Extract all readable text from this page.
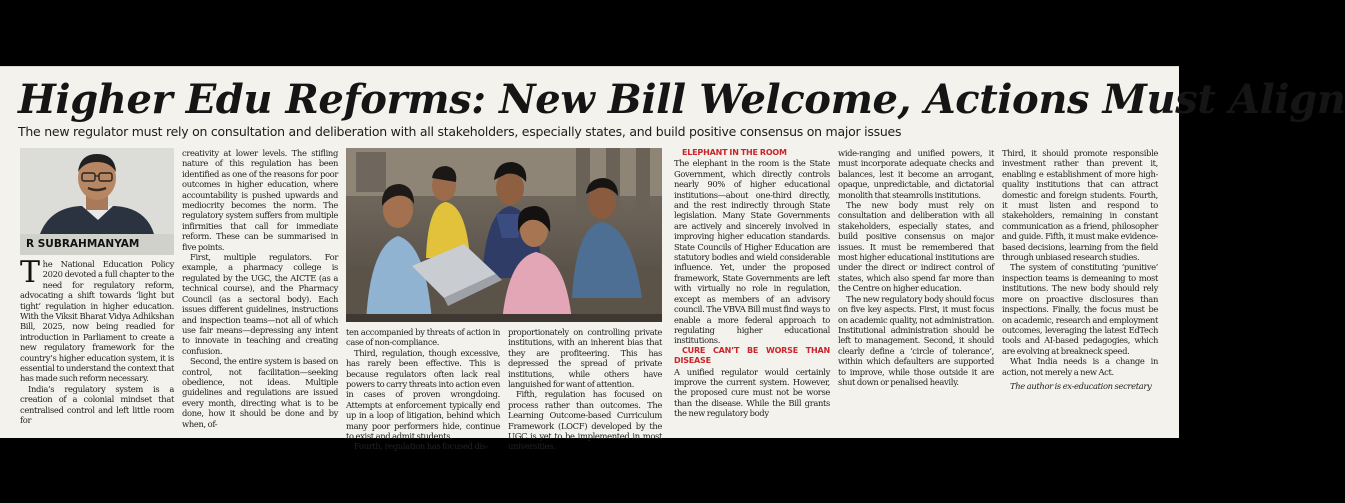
Higher Edu Reforms: New Bill Welcome, Actions Must Align

The new regulator must rely on consultation and deliberation with all stakeholders, especially states, and build positive consensus on major issues

R SUBRAHMANYAM

The National Education Policy 2020 devoted a full chapter to the need for regulatory reform, advocating a shift towards ‘light but tight’ regulation in higher education. With the Viksit Bharat Vidya Adhikshan Bill, 2025, now being readied for introduction in Parliament to create a new regulatory framework for the country’s higher education system, it is essential to understand the context that has made such reform necessary.

India’s regulatory system is a creation of a colonial mindset that centralised control and left little room for

creativity at lower levels. The stifling nature of this regulation has been identified as one of the reasons for poor outcomes in higher education, where accountability is pushed upwards and mediocrity becomes the norm. The regulatory system suffers from multiple infirmities that call for immediate reform. These can be summarised in five points.

First, multiple regulators. For example, a pharmacy college is regulated by the UGC, the AICTE (as a technical course), and the Pharmacy Council (as a sectoral body). Each issues different guidelines, instructions and inspection teams—not all of which use fair means—depressing any intent to innovate in teaching and creating confusion.

Second, the entire system is based on control, not facilitation—seeking obedience, not ideas. Multiple guidelines and regulations are issued every month, directing what is to be done, how it should be done and by when, of-

ten accompanied by threats of action in case of non-compliance.

Third, regulation, though excessive, has rarely been effective. This is because regulators often lack real powers to carry threats into action even in cases of proven wrongdoing. Attempts at enforcement typically end up in a loop of litigation, behind which many poor performers hide, continue to exist and admit students.

Fourth, regulation has focused dis-

proportionately on controlling private institutions, with an inherent bias that they are profiteering. This has depressed the spread of private institutions, while others have languished for want of attention.

Fifth, regulation has focused on process rather than outcomes. The Learning Outcome-based Curriculum Framework (LOCF) developed by the UGC is yet to be implemented in most universities.

ELEPHANT IN THE ROOM

The elephant in the room is the State Government, which directly controls nearly 90% of higher educational institutions—about one-third directly, and the rest indirectly through State legislation. Many State Governments are actively and sincerely involved in improving higher education standards. State Councils of Higher Education are statutory bodies and wield considerable influence. Yet, under the proposed framework, State Governments are left with virtually no role in regulation, except as members of an advisory council. The VBVA Bill must find ways to enable a more federal approach to regulating higher educational institutions.

CURE CAN’T BE WORSE THAN DISEASE

A unified regulator would certainly improve the current system. However, the proposed cure must not be worse than the disease. While the Bill grants the new regulatory body

wide-ranging and unified powers, it must incorporate adequate checks and balances, lest it become an arrogant, opaque, unpredictable, and dictatorial monolith that steamrolls institutions.

The new body must rely on consultation and deliberation with all stakeholders, especially states, and build positive consensus on major issues. It must be remembered that most higher educational institutions are under the direct or indirect control of states, which also spend far more than the Centre on higher education.

The new regulatory body should focus on five key aspects. First, it must focus on academic quality, not administration. Institutional administration should be left to management. Second, it should clearly define a ‘circle of tolerance’, within which defaulters are supported to improve, while those outside it are shut down or penalised heavily.

Third, it should promote responsible investment rather than prevent it, enabling e establishment of more high-quality institutions that can attract domestic and foreign students. Fourth, it must listen and respond to stakeholders, remaining in constant communication as a friend, philosopher and guide. Fifth, it must make evidence-based decisions, learning from the field through unbiased research studies.

The system of constituting ‘punitive’ inspection teams is demeaning to most institutions. The new body should rely more on proactive disclosures than inspections. Finally, the focus must be on academic, research and employment outcomes, leveraging the latest EdTech tools and AI-based pedagogies, which are evolving at breakneck speed.

What India needs is a change in action, not merely a new Act.

The author is ex-education secretary
